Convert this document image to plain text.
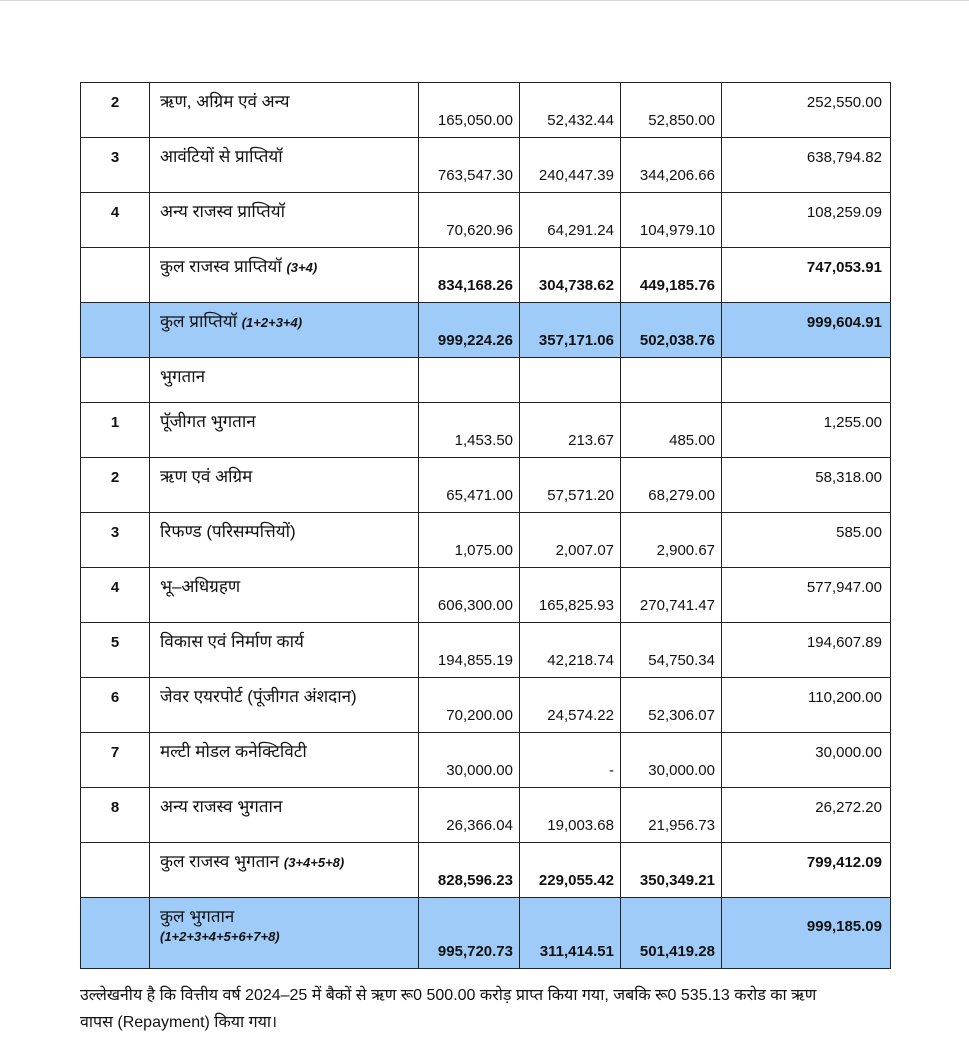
2	ऋण, अग्रिम एवं अन्य	165,050.00	52,432.44	52,850.00	252,550.00

3	आवंटियों से प्राप्तियॉ	763,547.30	240,447.39	344,206.66	638,794.82

4	अन्य राजस्व प्राप्तियॉ	70,620.96	64,291.24	104,979.10	108,259.09

	कुल राजस्व प्राप्तियॉ (3+4)	834,168.26	304,738.62	449,185.76	747,053.91

	कुल प्राप्तियॉ (1+2+3+4)	999,224.26	357,171.06	502,038.76	999,604.91

	भुगतान				

1	पूॅजीगत भुगतान	1,453.50	213.67	485.00	1,255.00

2	ऋण एवं अग्रिम	65,471.00	57,571.20	68,279.00	58,318.00

3	रिफण्ड (परिसम्पत्तियों)	1,075.00	2,007.07	2,900.67	585.00

4	भू–अधिग्रहण	606,300.00	165,825.93	270,741.47	577,947.00

5	विकास एवं निर्माण कार्य	194,855.19	42,218.74	54,750.34	194,607.89

6	जेवर एयरपोर्ट (पूंजीगत अंशदान)	70,200.00	24,574.22	52,306.07	110,200.00

7	मल्टी मोडल कनेक्टिविटी	30,000.00	-	30,000.00	30,000.00

8	अन्य राजस्व भुगतान	26,366.04	19,003.68	21,956.73	26,272.20

	कुल राजस्व भुगतान (3+4+5+8)	828,596.23	229,055.42	350,349.21	799,412.09

	कुल भुगतान
(1+2+3+4+5+6+7+8)	995,720.73	311,414.51	501,419.28	999,185.09
उल्लेखनीय है कि वित्तीय वर्ष 2024–25 में बैकों से ऋण रू0 500.00 करोड़ प्राप्त किया गया, जबकि रू0 535.13 करोड का ऋण
वापस (Repayment) किया गया।
